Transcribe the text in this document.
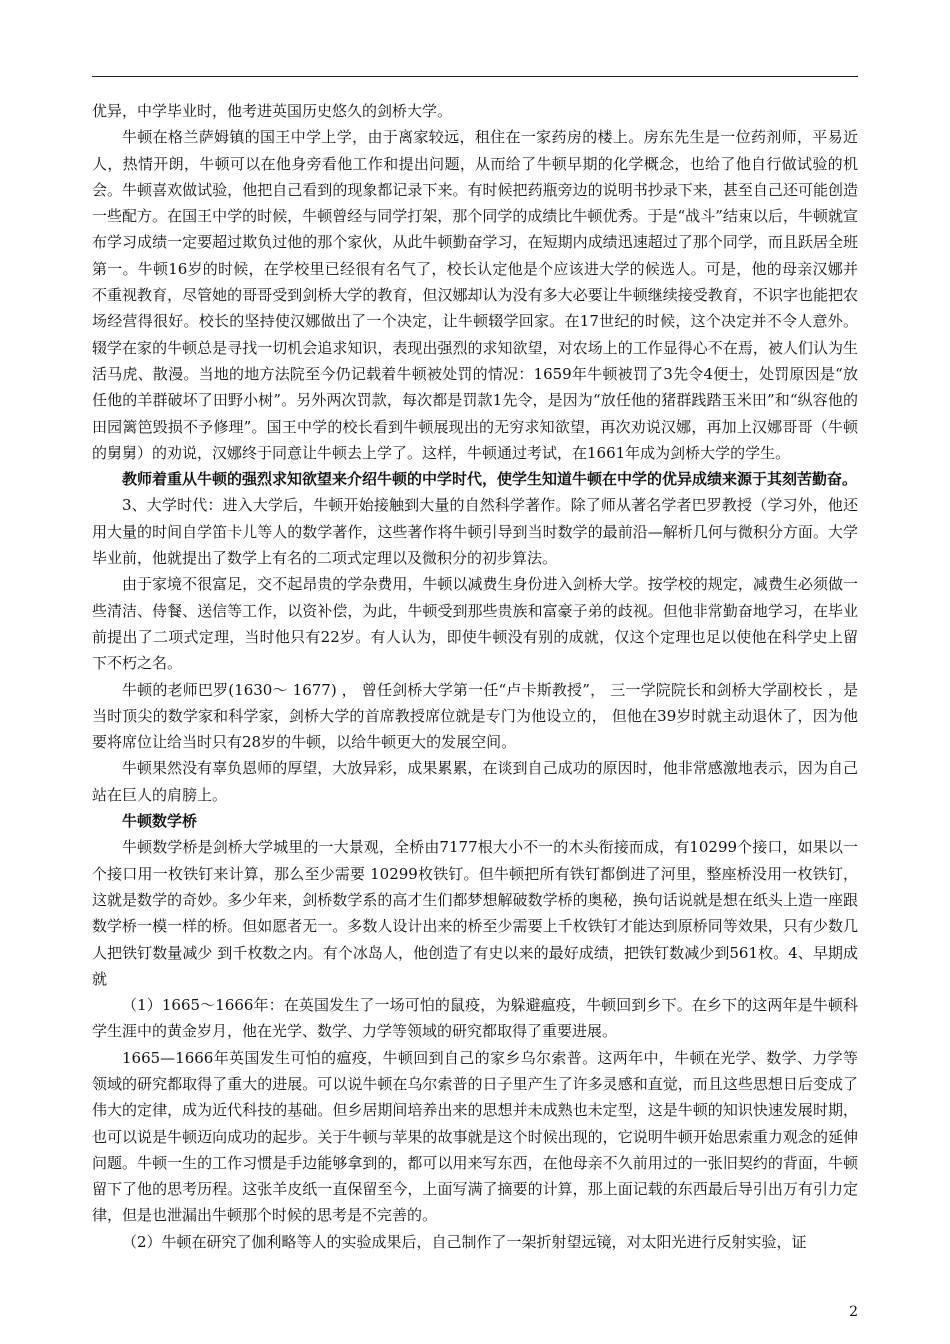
优异，中学毕业时，他考进英国历史悠久的剑桥大学。

牛顿在格兰萨姆镇的国王中学上学，由于离家较远，租住在一家药房的楼上。房东先生是一位药剂师，平易近人，热情开朗，牛顿可以在他身旁看他工作和提出问题，从而给了牛顿早期的化学概念，也给了他自行做试验的机会。牛顿喜欢做试验，他把自己看到的现象都记录下来。有时候把药瓶旁边的说明书抄录下来，甚至自己还可能创造一些配方。在国王中学的时候，牛顿曾经与同学打架，那个同学的成绩比牛顿优秀。于是“战斗”结束以后，牛顿就宣布学习成绩一定要超过欺负过他的那个家伙，从此牛顿勤奋学习，在短期内成绩迅速超过了那个同学，而且跃居全班第一。牛顿16岁的时候，在学校里已经很有名气了，校长认定他是个应该进大学的候选人。可是，他的母亲汉娜并不重视教育，尽管她的哥哥受到剑桥大学的教育，但汉娜却认为没有多大必要让牛顿继续接受教育，不识字也能把农场经营得很好。校长的坚持使汉娜做出了一个决定，让牛顿辍学回家。在17世纪的时候，这个决定并不令人意外。辍学在家的牛顿总是寻找一切机会追求知识，表现出强烈的求知欲望，对农场上的工作显得心不在焉，被人们认为生活马虎、散漫。当地的地方法院至今仍记载着牛顿被处罚的情况：1659年牛顿被罚了3先令4便士，处罚原因是“放任他的羊群破坏了田野小树”。另外两次罚款，每次都是罚款1先令，是因为“放任他的猪群践踏玉米田”和“纵容他的田园篱笆毁损不予修理”。国王中学的校长看到牛顿展现出的无穷求知欲望，再次劝说汉娜，再加上汉娜哥哥（牛顿的舅舅）的劝说，汉娜终于同意让牛顿去上学了。这样，牛顿通过考试，在1661年成为剑桥大学的学生。

教师着重从牛顿的强烈求知欲望来介绍牛顿的中学时代，使学生知道牛顿在中学的优异成绩来源于其刻苦勤奋。

3、大学时代：进入大学后，牛顿开始接触到大量的自然科学著作。除了师从著名学者巴罗教授（学习外，他还用大量的时间自学笛卡儿等人的数学著作，这些著作将牛顿引导到当时数学的最前沿—解析几何与微积分方面。大学毕业前，他就提出了数学上有名的二项式定理以及微积分的初步算法。

由于家境不很富足，交不起昂贵的学杂费用，牛顿以减费生身份进入剑桥大学。按学校的规定，减费生必须做一些清洁、侍餐、送信等工作，以资补偿，为此，牛顿受到那些贵族和富豪子弟的歧视。但他非常勤奋地学习，在毕业前提出了二项式定理，当时他只有22岁。有人认为，即使牛顿没有别的成就，仅这个定理也足以使他在科学史上留下不朽之名。

牛顿的老师巴罗(1630～ 1677) ， 曾任剑桥大学第一任“卢卡斯教授”， 三一学院院长和剑桥大学副校长 ，是当时顶尖的数学家和科学家，剑桥大学的首席教授席位就是专门为他设立的， 但他在39岁时就主动退休了，因为他要将席位让给当时只有28岁的牛顿，以给牛顿更大的发展空间。

牛顿果然没有辜负恩师的厚望，大放异彩，成果累累，在谈到自己成功的原因时，他非常感激地表示，因为自己站在巨人的肩膀上。

牛顿数学桥

牛顿数学桥是剑桥大学城里的一大景观，全桥由7177根大小不一的木头衔接而成，有10299个接口，如果以一个接口用一枚铁钉来计算，那么至少需要 10299枚铁钉。但牛顿把所有铁钉都倒进了河里，整座桥没用一枚铁钉，这就是数学的奇妙。多少年来，剑桥数学系的高才生们都梦想解破数学桥的奥秘，换句话说就是想在纸头上造一座跟数学桥一模一样的桥。但如愿者无一。多数人设计出来的桥至少需要上千枚铁钉才能达到原桥同等效果，只有少数几人把铁钉数量减少 到千枚数之内。有个冰岛人，他创造了有史以来的最好成绩，把铁钉数减少到561枚。4、早期成就

（1）1665～1666年：在英国发生了一场可怕的鼠疫，为躲避瘟疫，牛顿回到乡下。在乡下的这两年是牛顿科学生涯中的黄金岁月，他在光学、数学、力学等领域的研究都取得了重要进展。

1665—1666年英国发生可怕的瘟疫，牛顿回到自己的家乡乌尔索普。这两年中，牛顿在光学、数学、力学等领域的研究都取得了重大的进展。可以说牛顿在乌尔索普的日子里产生了许多灵感和直觉，而且这些思想日后变成了伟大的定律，成为近代科技的基础。但乡居期间培养出来的思想并未成熟也未定型，这是牛顿的知识快速发展时期，也可以说是牛顿迈向成功的起步。关于牛顿与苹果的故事就是这个时候出现的，它说明牛顿开始思索重力观念的延伸问题。牛顿一生的工作习惯是手边能够拿到的，都可以用来写东西，在他母亲不久前用过的一张旧契约的背面，牛顿留下了他的思考历程。这张羊皮纸一直保留至今，上面写满了摘要的计算，那上面记载的东西最后导引出万有引力定律，但是也泄漏出牛顿那个时候的思考是不完善的。

（2）牛顿在研究了伽利略等人的实验成果后，自己制作了一架折射望远镜，对太阳光进行反射实验，证

2
